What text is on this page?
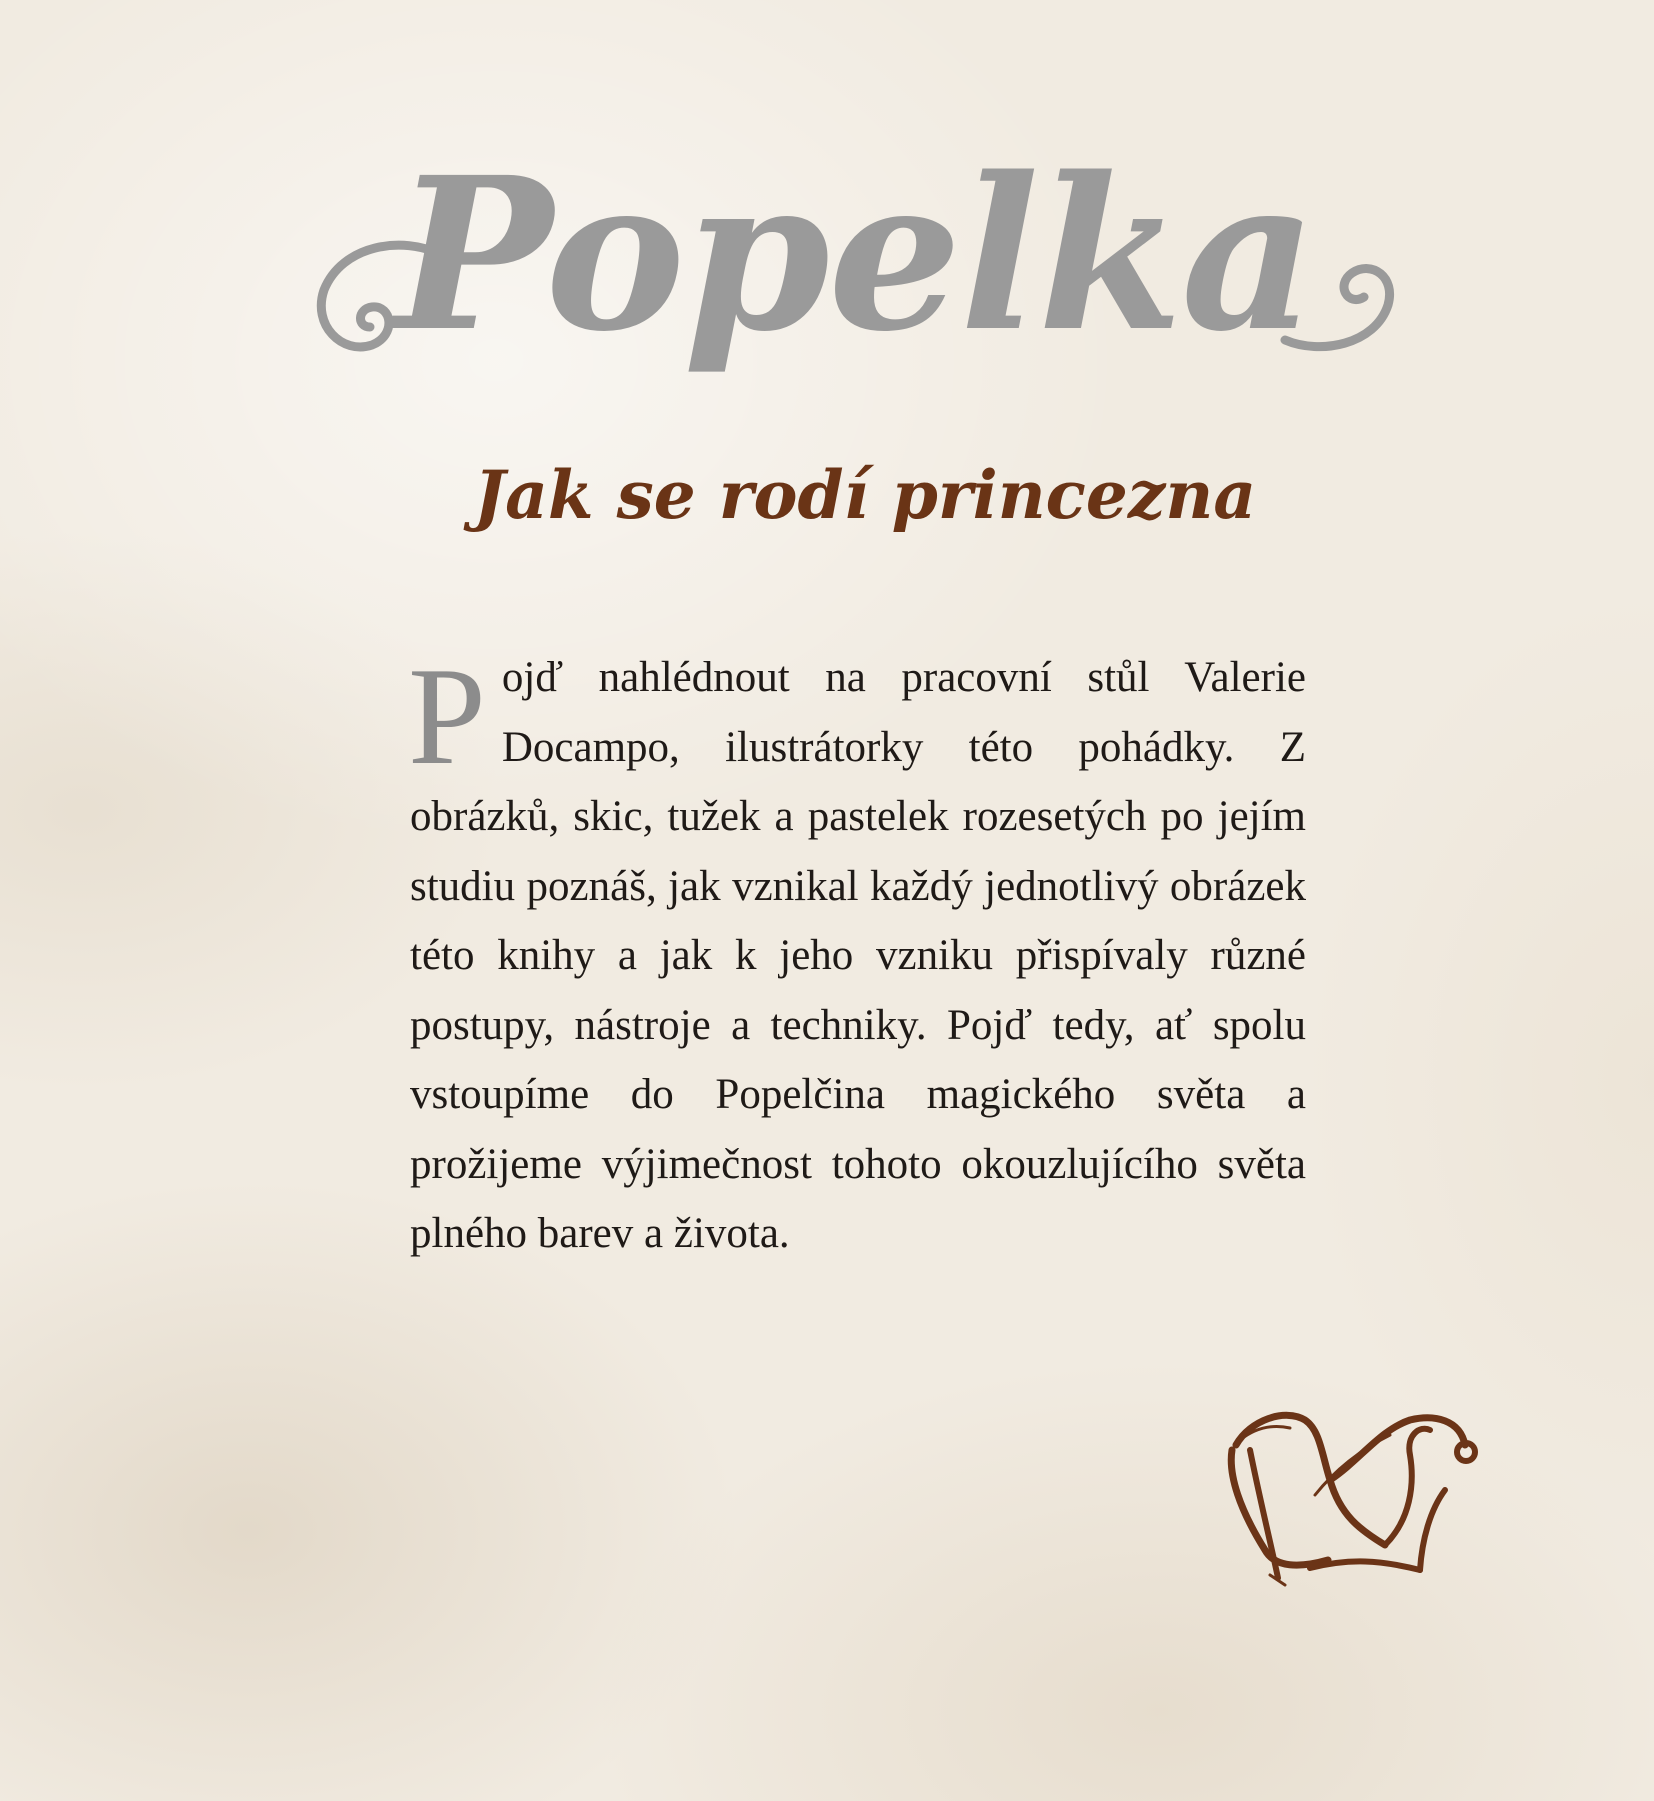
Popelka
Jak se rodí princezna

Pojď nahlédnout na pracovní stůl Valerie Docampo, ilustrátorky této pohádky. Z obrázků, skic, tužek a pastelek rozesetých po jejím studiu poznáš, jak vznikal každý jednotlivý obrázek této knihy a jak k jeho vzniku přispívaly různé postupy, nástroje a techniky. Pojď tedy, ať spolu vstoupíme do Popelčina magického světa a prožijeme výjimečnost tohoto okouzlujícího světa plného barev a života.
